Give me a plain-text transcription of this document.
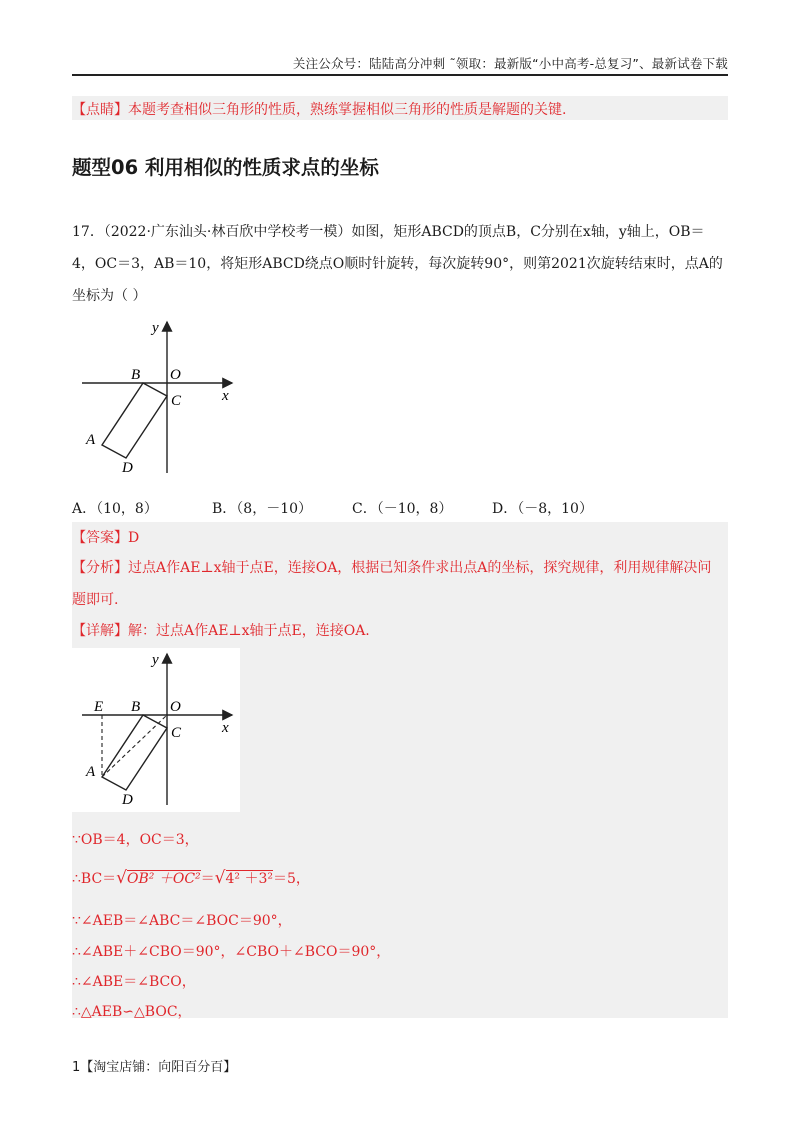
关注公众号：陆陆高分冲刺 ˜领取：最新版“小中高考-总复习”、最新试卷下载
【点睛】本题考查相似三角形的性质，熟练掌握相似三角形的性质是解题的关键.
题型06 利用相似的性质求点的坐标
17．（2022·广东汕头·林百欣中学校考一模）如图，矩形ABCD的顶点B，C分别在x轴，y轴上，OB＝
4，OC＝3，AB＝10，将矩形ABCD绕点O顺时针旋转，每次旋转90°，则第2021次旋转结束时，点A的
坐标为（ ）
y
x
O
B
C
A
D
A．（10，8）	B．（8，－10）	C．（－10，8）	D．（－8，10）
【答案】D
【分析】过点A作AE⊥x轴于点E，连接OA，根据已知条件求出点A的坐标，探究规律，利用规律解决问
题即可.
【详解】解：过点A作AE⊥x轴于点E，连接OA.
y
x
E	O
B
C
A
D
∵OB＝4，OC＝3，
∴BC＝√OB² ＋OC²＝√4² ＋3²＝5，
∵∠AEB＝∠ABC＝∠BOC＝90°，
∴∠ABE＋∠CBO＝90°，∠CBO＋∠BCO＝90°，
∴∠ABE＝∠BCO，
∴△AEB∽△BOC，
1【淘宝店铺：向阳百分百】
